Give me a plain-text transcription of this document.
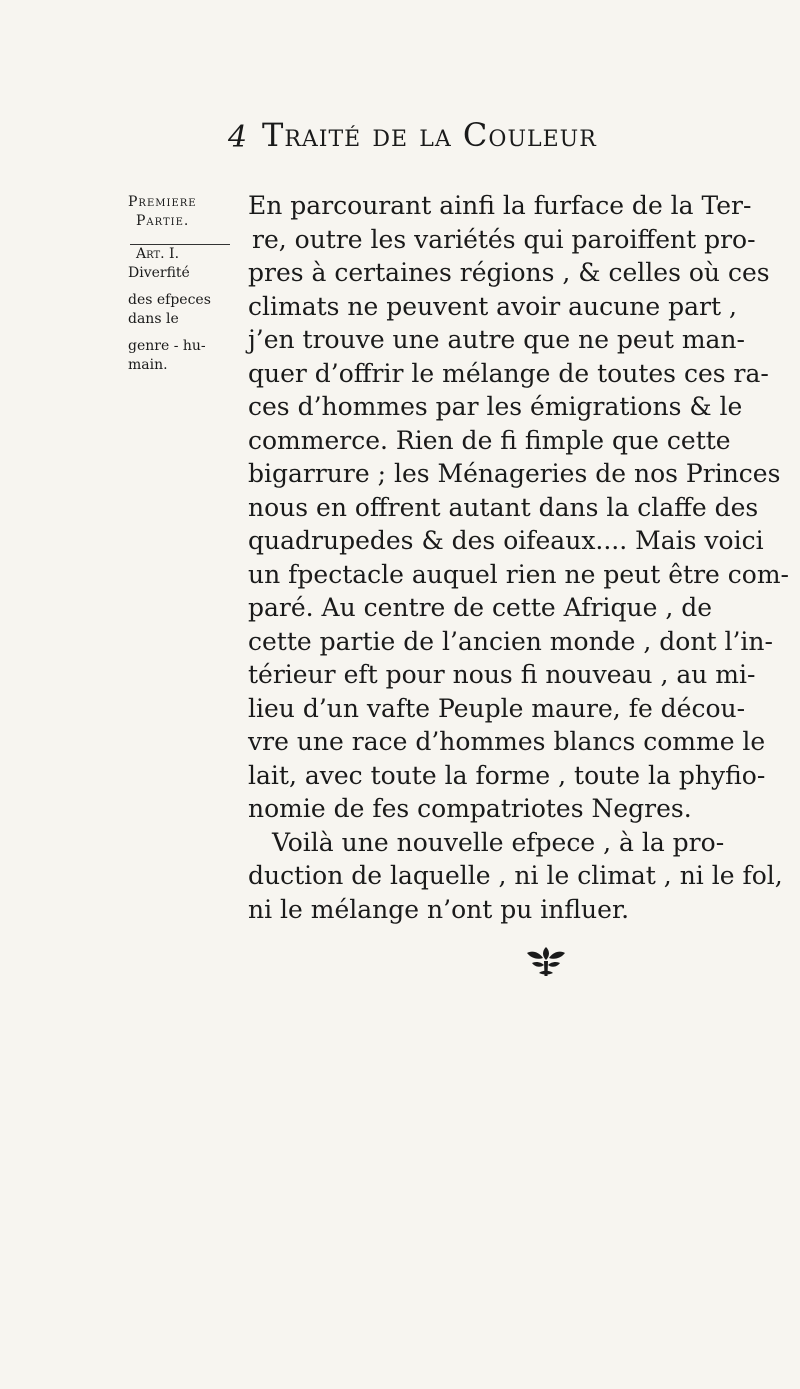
4 Traité de la Couleur
Premiere
Partie.
Art. I.
Diverfité
des efpeces
dans le
genre - hu-
main.

En parcourant ainfi la furface de la Ter-

re, outre les variétés qui paroiffent pro-

pres à certaines régions , & celles où ces

climats ne peuvent avoir aucune part ,

j’en trouve une autre que ne peut man-

quer d’offrir le mélange de toutes ces ra-

ces d’hommes par les émigrations & le

commerce. Rien de fi fimple que cette

bigarrure ; les Ménageries de nos Princes

nous en offrent autant dans la claffe des

quadrupedes & des oifeaux.... Mais voici

un fpectacle auquel rien ne peut être com-

paré. Au centre de cette Afrique , de

cette partie de l’ancien monde , dont l’in-

térieur eft pour nous fi nouveau , au mi-

lieu d’un vafte Peuple maure, fe décou-

vre une race d’hommes blancs comme le

lait, avec toute la forme , toute la phyfio-

nomie de fes compatriotes Negres.

Voilà une nouvelle efpece , à la pro-

duction de laquelle , ni le climat , ni le fol,

ni le mélange n’ont pu influer.
